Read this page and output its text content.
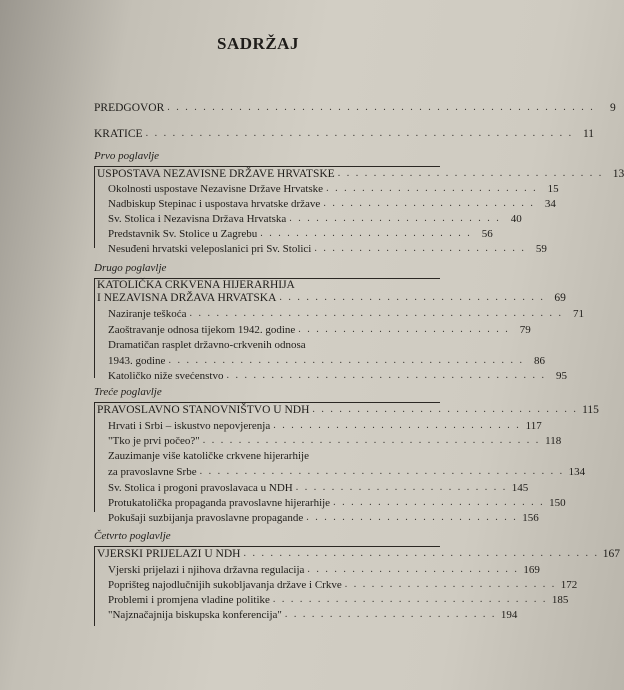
SADRŽAJ
PREDGOVOR . . . . . . . . . . . . . . . . . . . . . . . . . . . . . . . . . . . . . . . . . . . . . . . .	9
KRATICE . . . . . . . . . . . . . . . . . . . . . . . . . . . . . . . . . . . . . . . . . . . . . . . . 11
Prvo poglavlje
USPOSTAVA NEZAVISNE DRŽAVE HRVATSKE . . . . . . . . . . . . . . . . . . . . . . . . . . . . . . 13
Okolnosti uspostave Nezavisne Države Hrvatske . . . . . . . . . . . . . . . . . . . . . . . . 15
Nadbiskup Stepinac i uspostava hrvatske države . . . . . . . . . . . . . . . . . . . . . . . . 34
Sv. Stolica i Nezavisna Država Hrvatska . . . . . . . . . . . . . . . . . . . . . . . . 40
Predstavnik Sv. Stolice u Zagrebu . . . . . . . . . . . . . . . . . . . . . . . . 56
Nesuđeni hrvatski veleposlanici pri Sv. Stolici . . . . . . . . . . . . . . . . . . . . . . . . 59
Drugo poglavlje
KATOLIČKA CRKVENA HIJERARHIJA
I NEZAVISNA DRŽAVA HRVATSKA . . . . . . . . . . . . . . . . . . . . . . . . . . . . . . 69
Naziranje teškoća . . . . . . . . . . . . . . . . . . . . . . . . . . . . . . . . . . . . . . . . . . 71
Zaoštravanje odnosa tijekom 1942. godine . . . . . . . . . . . . . . . . . . . . . . . . 79
Dramatičan rasplet državno-crkvenih odnosa
1943. godine . . . . . . . . . . . . . . . . . . . . . . . . . . . . . . . . . . . . . . . . 86
Katoličko niže svećenstvo . . . . . . . . . . . . . . . . . . . . . . . . . . . . . . . . . . . . 95
Treće poglavlje
PRAVOSLAVNO STANOVNIŠTVO U NDH . . . . . . . . . . . . . . . . . . . . . . . . . . . . . . 115
Hrvati i Srbi – iskustvo nepovjerenja . . . . . . . . . . . . . . . . . . . . . . . . . . . . 117
"Tko je prvi počeo?" . . . . . . . . . . . . . . . . . . . . . . . . . . . . . . . . . . . . . . 118
Zauzimanje više katoličke crkvene hijerarhije
za pravoslavne Srbe . . . . . . . . . . . . . . . . . . . . . . . . . . . . . . . . . . . . . . . . . 134
Sv. Stolica i progoni pravoslavaca u NDH . . . . . . . . . . . . . . . . . . . . . . . . 145
Protukatolička propaganda pravoslavne hijerarhije . . . . . . . . . . . . . . . . . . . . . . . . 150
Pokušaji suzbijanja pravoslavne propagande . . . . . . . . . . . . . . . . . . . . . . . . 156
Četvrto poglavlje
VJERSKI PRIJELAZI U NDH . . . . . . . . . . . . . . . . . . . . . . . . . . . . . . . . . . . . . . . . 167
Vjerski prijelazi i njihova državna regulacija . . . . . . . . . . . . . . . . . . . . . . . . 169
Poprišteg najodlučnijih sukobljavanja države i Crkve . . . . . . . . . . . . . . . . . . . . . . . . 172
Problemi i promjena vladine politike . . . . . . . . . . . . . . . . . . . . . . . . . . . . . . . 185
"Najznačajnija biskupska konferencija" . . . . . . . . . . . . . . . . . . . . . . . . 194
